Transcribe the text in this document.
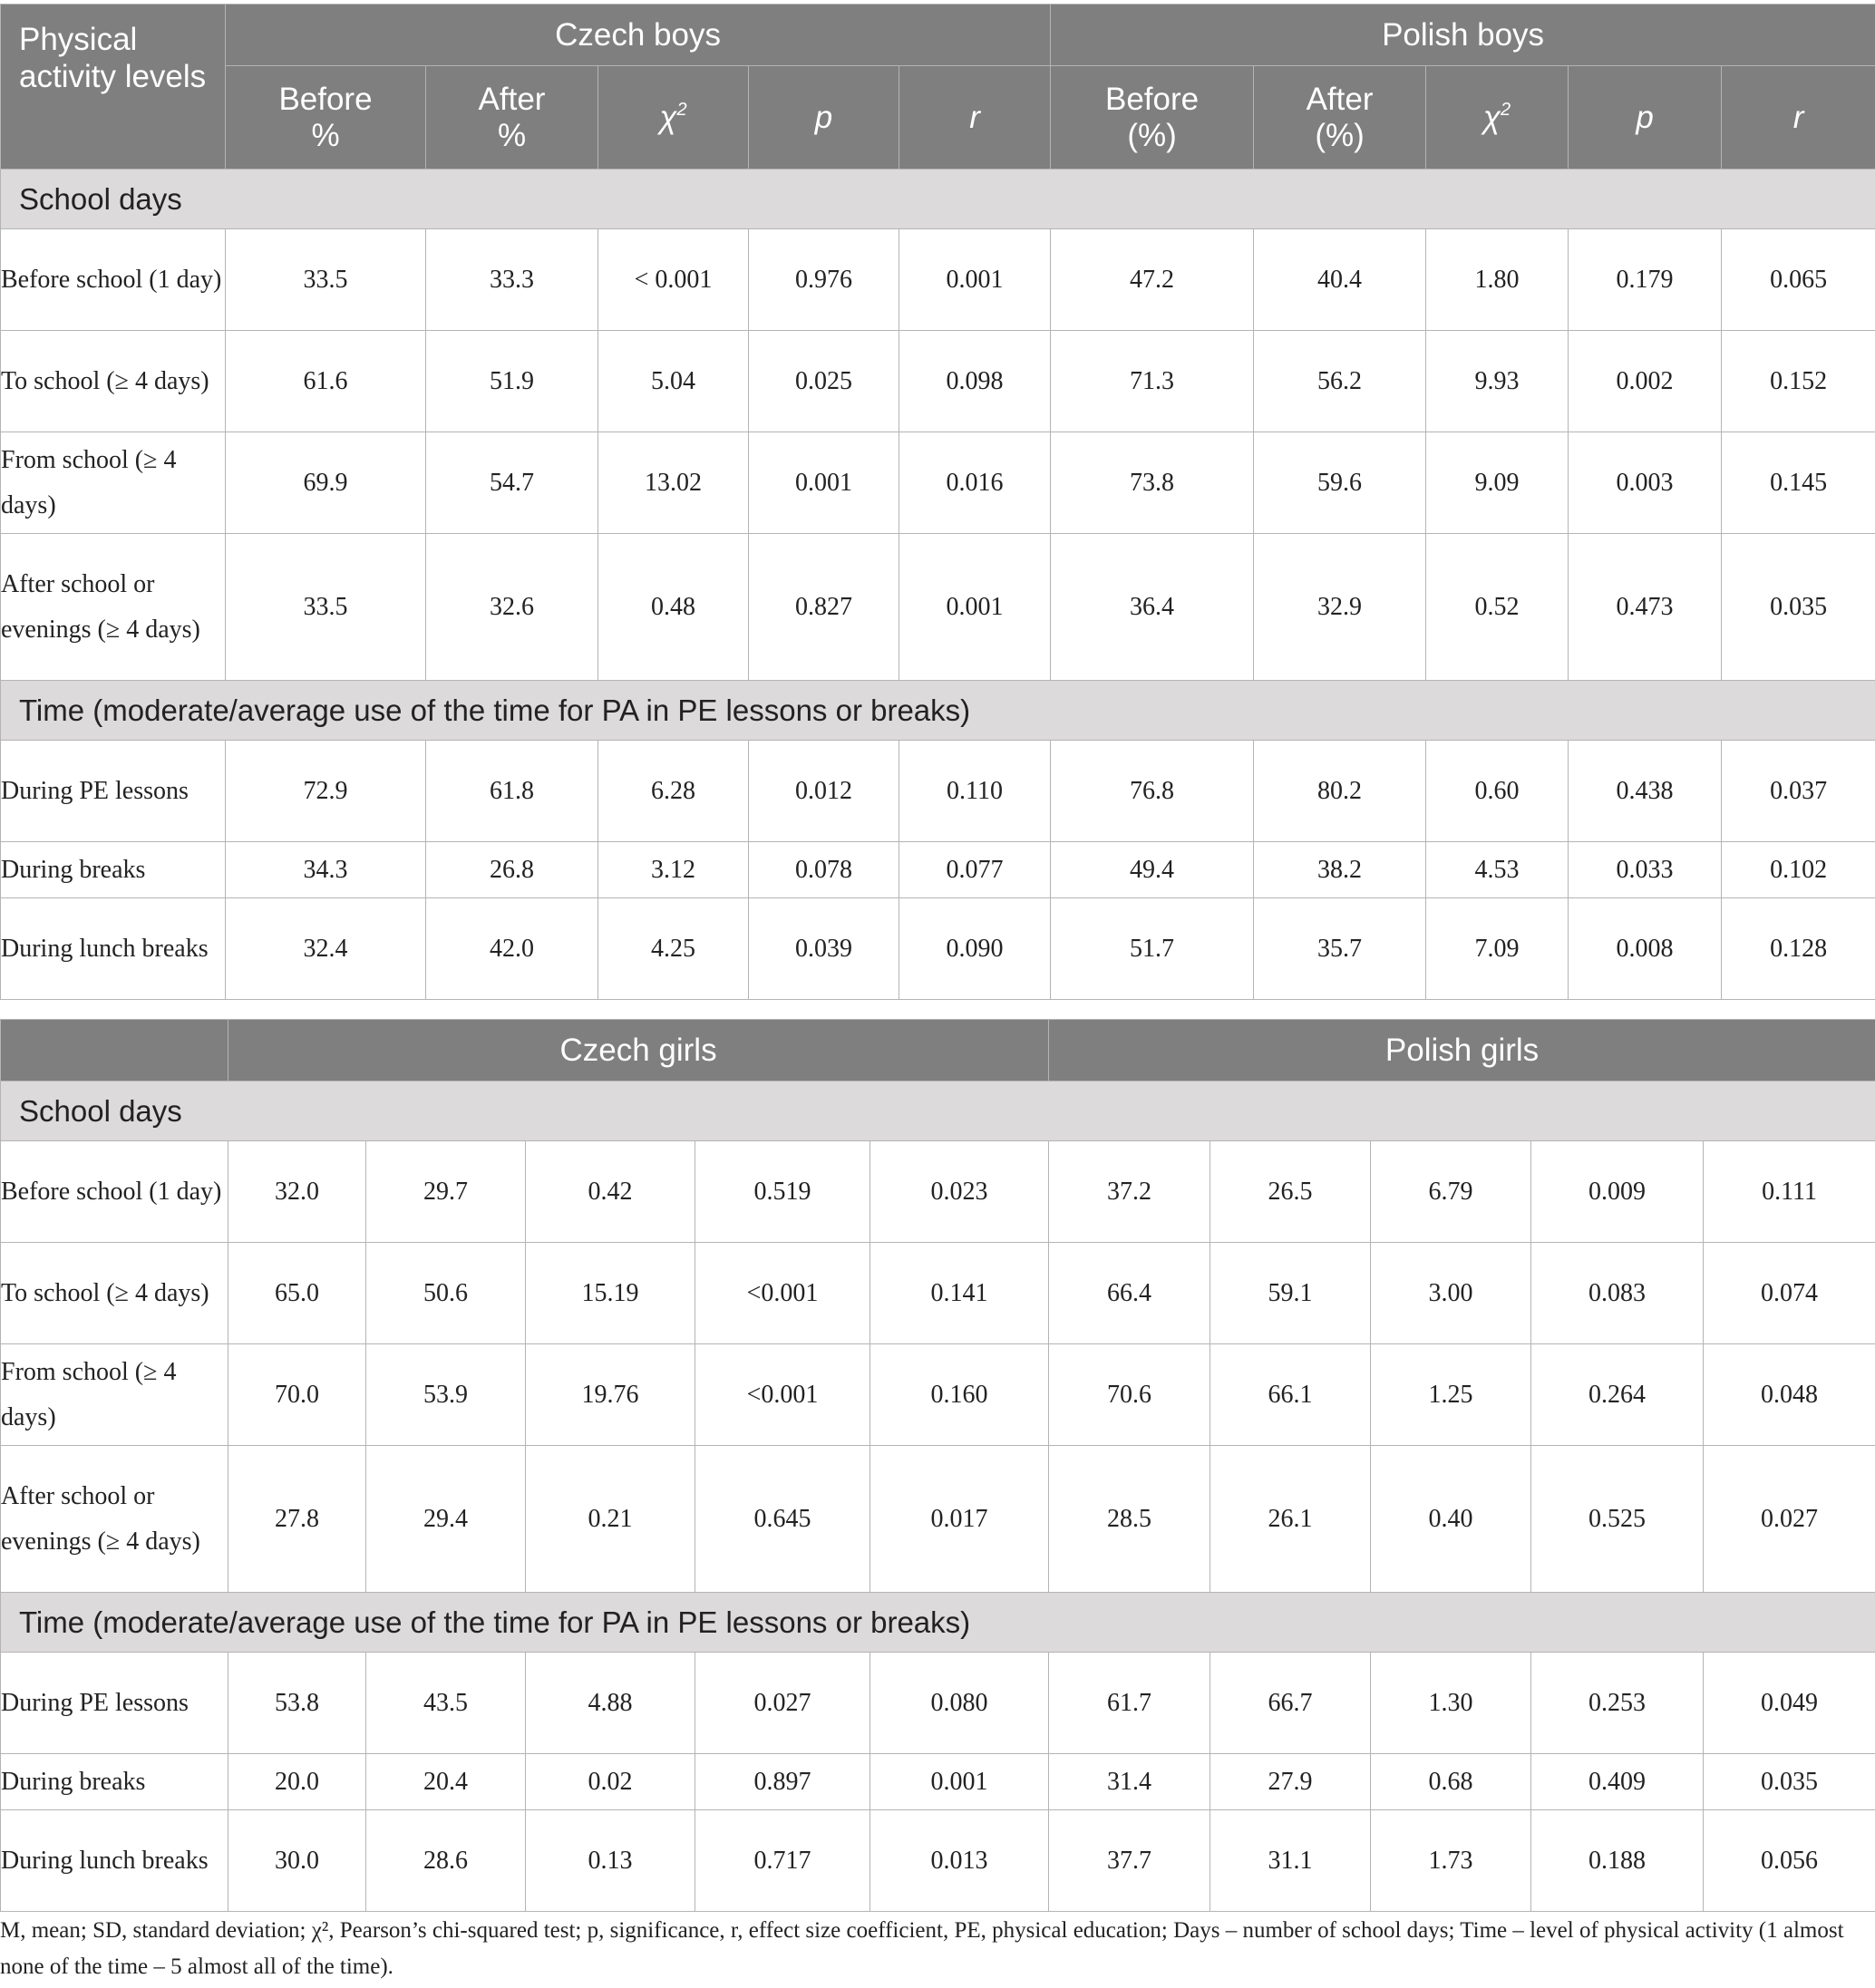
Physical activity levels	Czech boys					Polish boys				
	Before %	After %	$\chi^2$	p	r	Before (%)	After (%)	$\chi^2$	p	r
School days										
Before school (1 day)	33.5	33.3	< 0.001	0.976	0.001	47.2	40.4	1.80	0.179	0.065
To school (≥ 4 days)	61.6	51.9	5.04	0.025	0.098	71.3	56.2	9.93	0.002	0.152
From school (≥ 4 days)	69.9	54.7	13.02	0.001	0.016	73.8	59.6	9.09	0.003	0.145
After school or evenings (≥ 4 days)	33.5	32.6	0.48	0.827	0.001	36.4	32.9	0.52	0.473	0.035
Time (moderate/average use of the time for PA in PE lessons or breaks)										
During PE lessons	72.9	61.8	6.28	0.012	0.110	76.8	80.2	0.60	0.438	0.037
During breaks	34.3	26.8	3.12	0.078	0.077	49.4	38.2	4.53	0.033	0.102
During lunch breaks	32.4	42.0	4.25	0.039	0.090	51.7	35.7	7.09	0.008	0.128
	Czech girls					Polish girls				
School days										
Before school (1 day)	32.0	29.7	0.42	0.519	0.023	37.2	26.5	6.79	0.009	0.111
To school (≥ 4 days)	65.0	50.6	15.19	<0.001	0.141	66.4	59.1	3.00	0.083	0.074
From school (≥ 4 days)	70.0	53.9	19.76	<0.001	0.160	70.6	66.1	1.25	0.264	0.048
After school or evenings (≥ 4 days)	27.8	29.4	0.21	0.645	0.017	28.5	26.1	0.40	0.525	0.027
Time (moderate/average use of the time for PA in PE lessons or breaks)										
During PE lessons	53.8	43.5	4.88	0.027	0.080	61.7	66.7	1.30	0.253	0.049
During breaks	20.0	20.4	0.02	0.897	0.001	31.4	27.9	0.68	0.409	0.035
During lunch breaks	30.0	28.6	0.13	0.717	0.013	37.7	31.1	1.73	0.188	0.056
M, mean; SD, standard deviation; χ², Pearson’s chi-squared test; p, significance, r, effect size coefficient, PE, physical education; Days – number of school days; Time – level of physical activity (1 almost none of the time – 5 almost all of the time).
